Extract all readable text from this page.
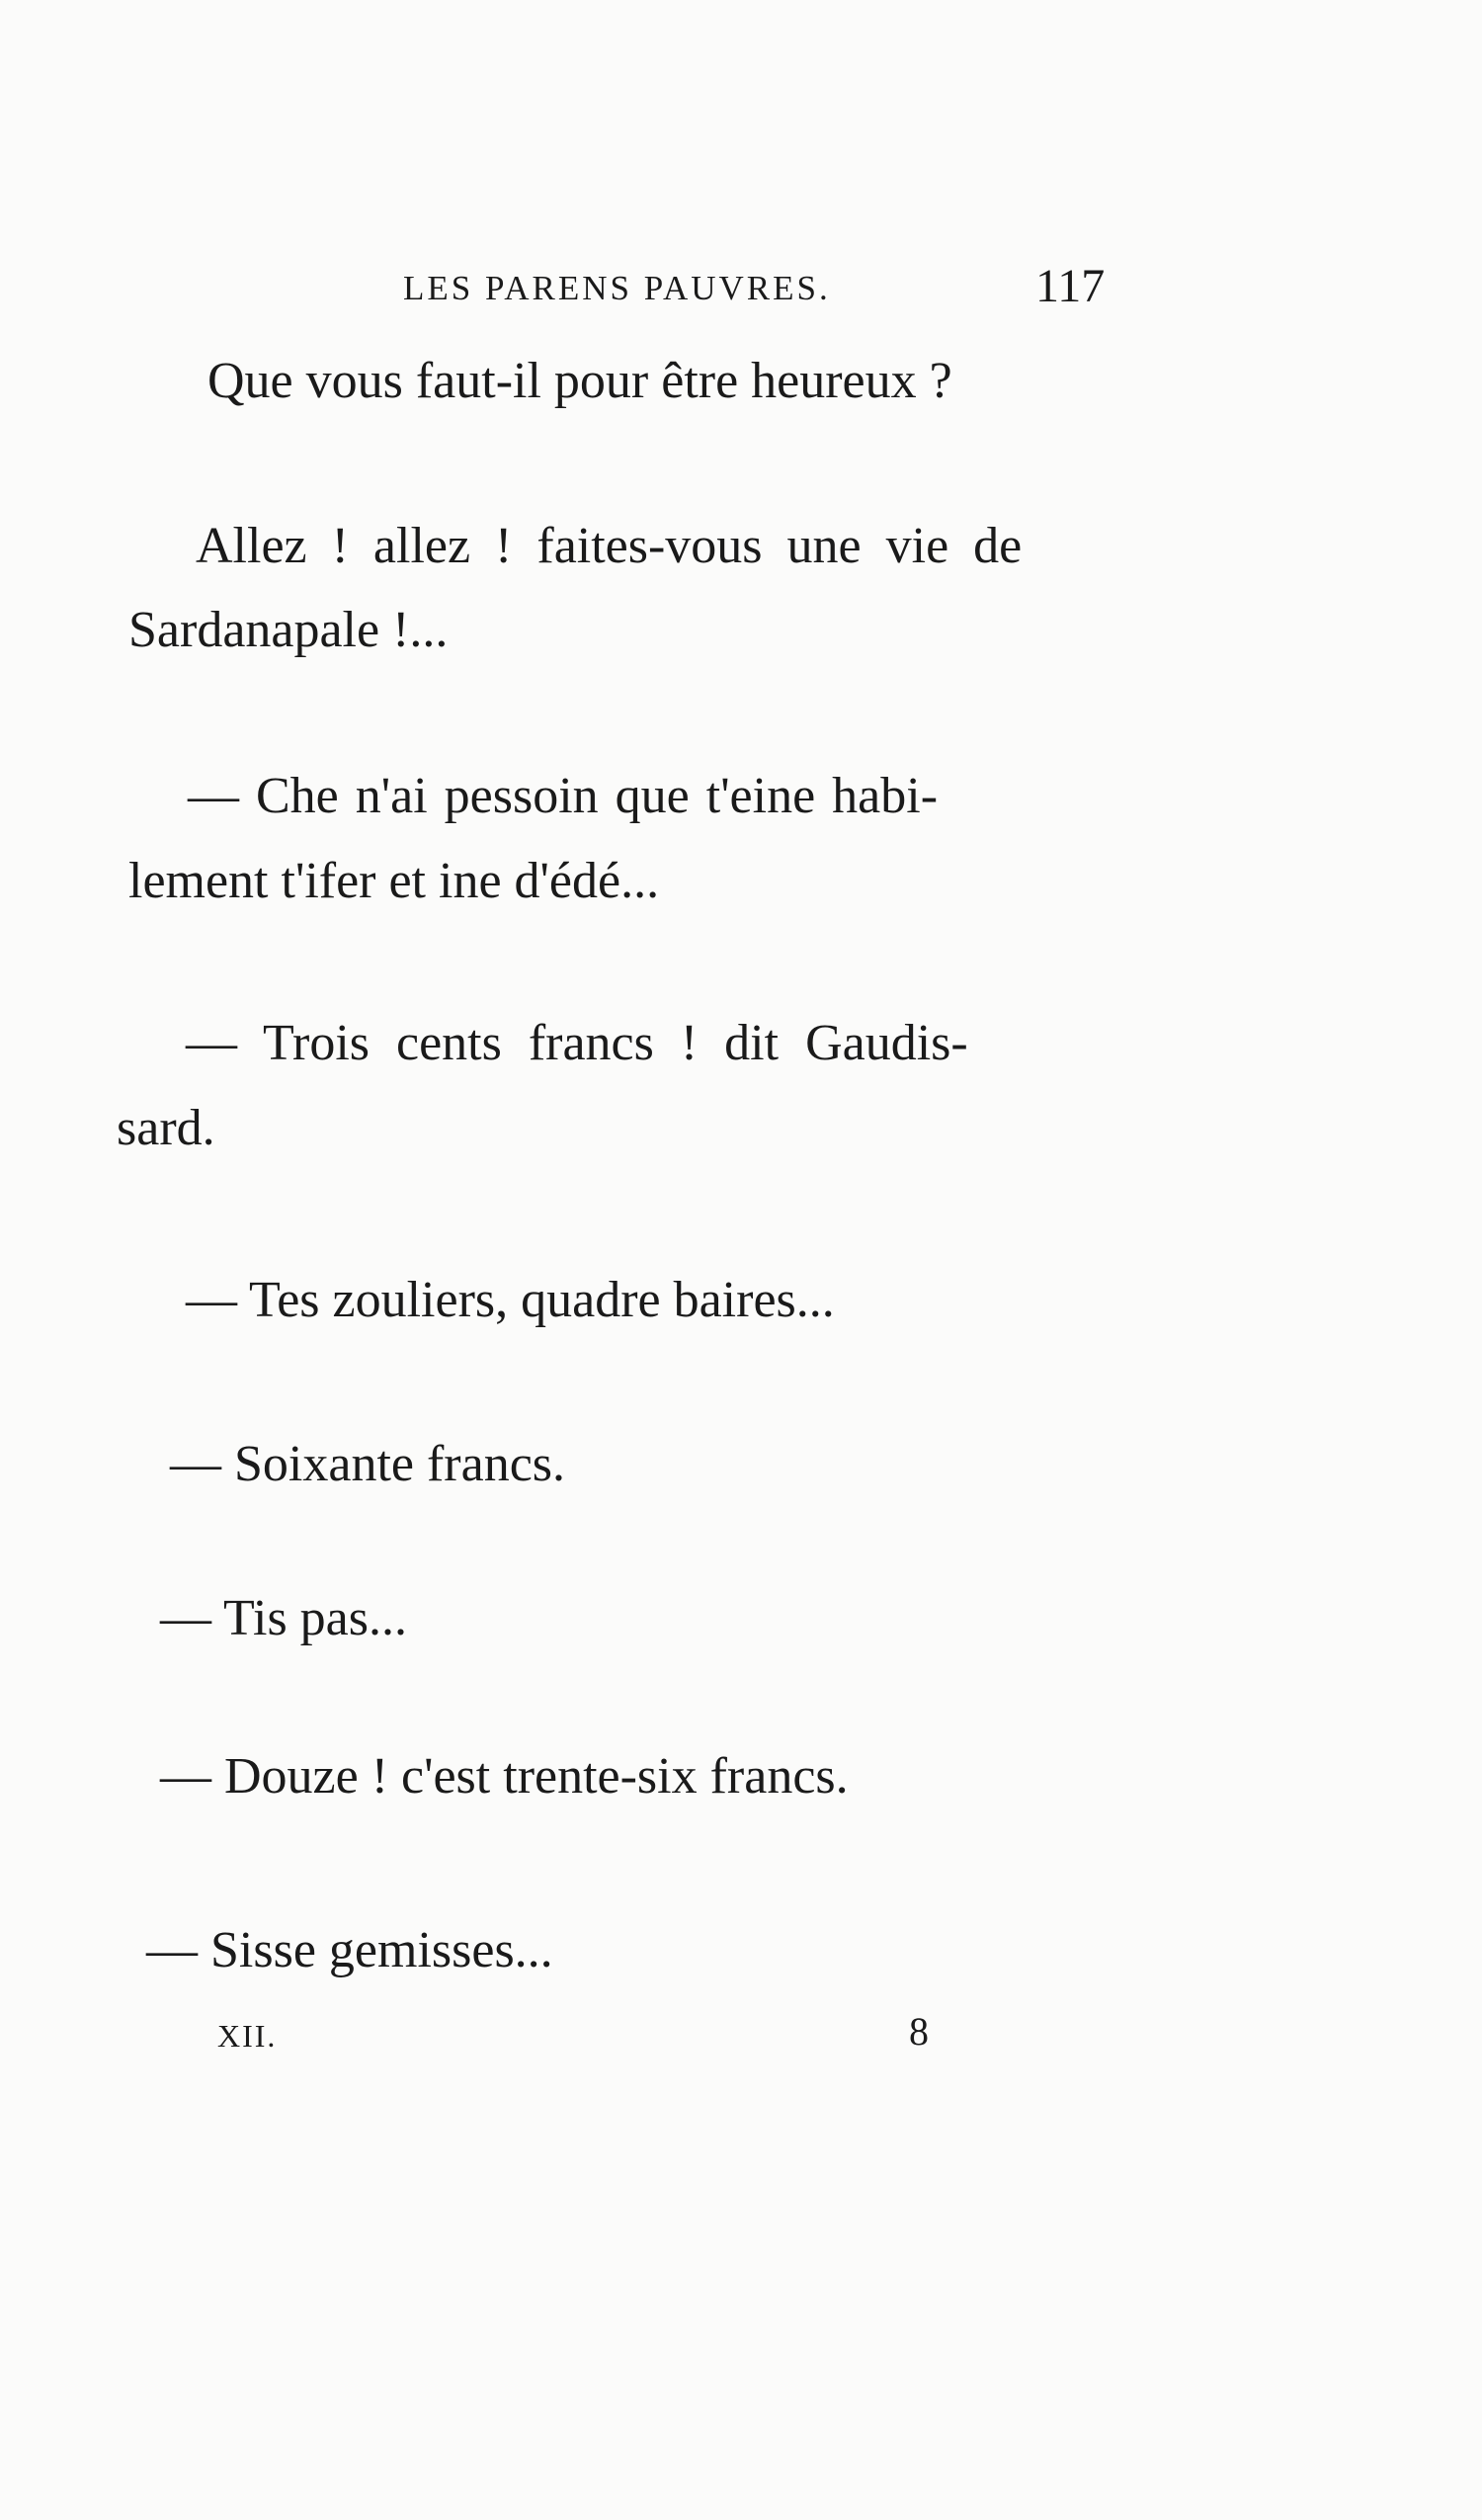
LES PARENS PAUVRES.	117
Que vous faut-il pour être heureux ?
Allez ! allez ! faites-vous une vie de
Sardanapale !...
— Che n'ai pessoin que t'eine habi-
lement t'ifer et ine d'édé...
— Trois cents francs ! dit Gaudis-
sard.
— Tes zouliers, quadre baires...
— Soixante francs.
— Tis pas...
— Douze ! c'est trente-six francs.
— Sisse gemisses...
XII.	8
